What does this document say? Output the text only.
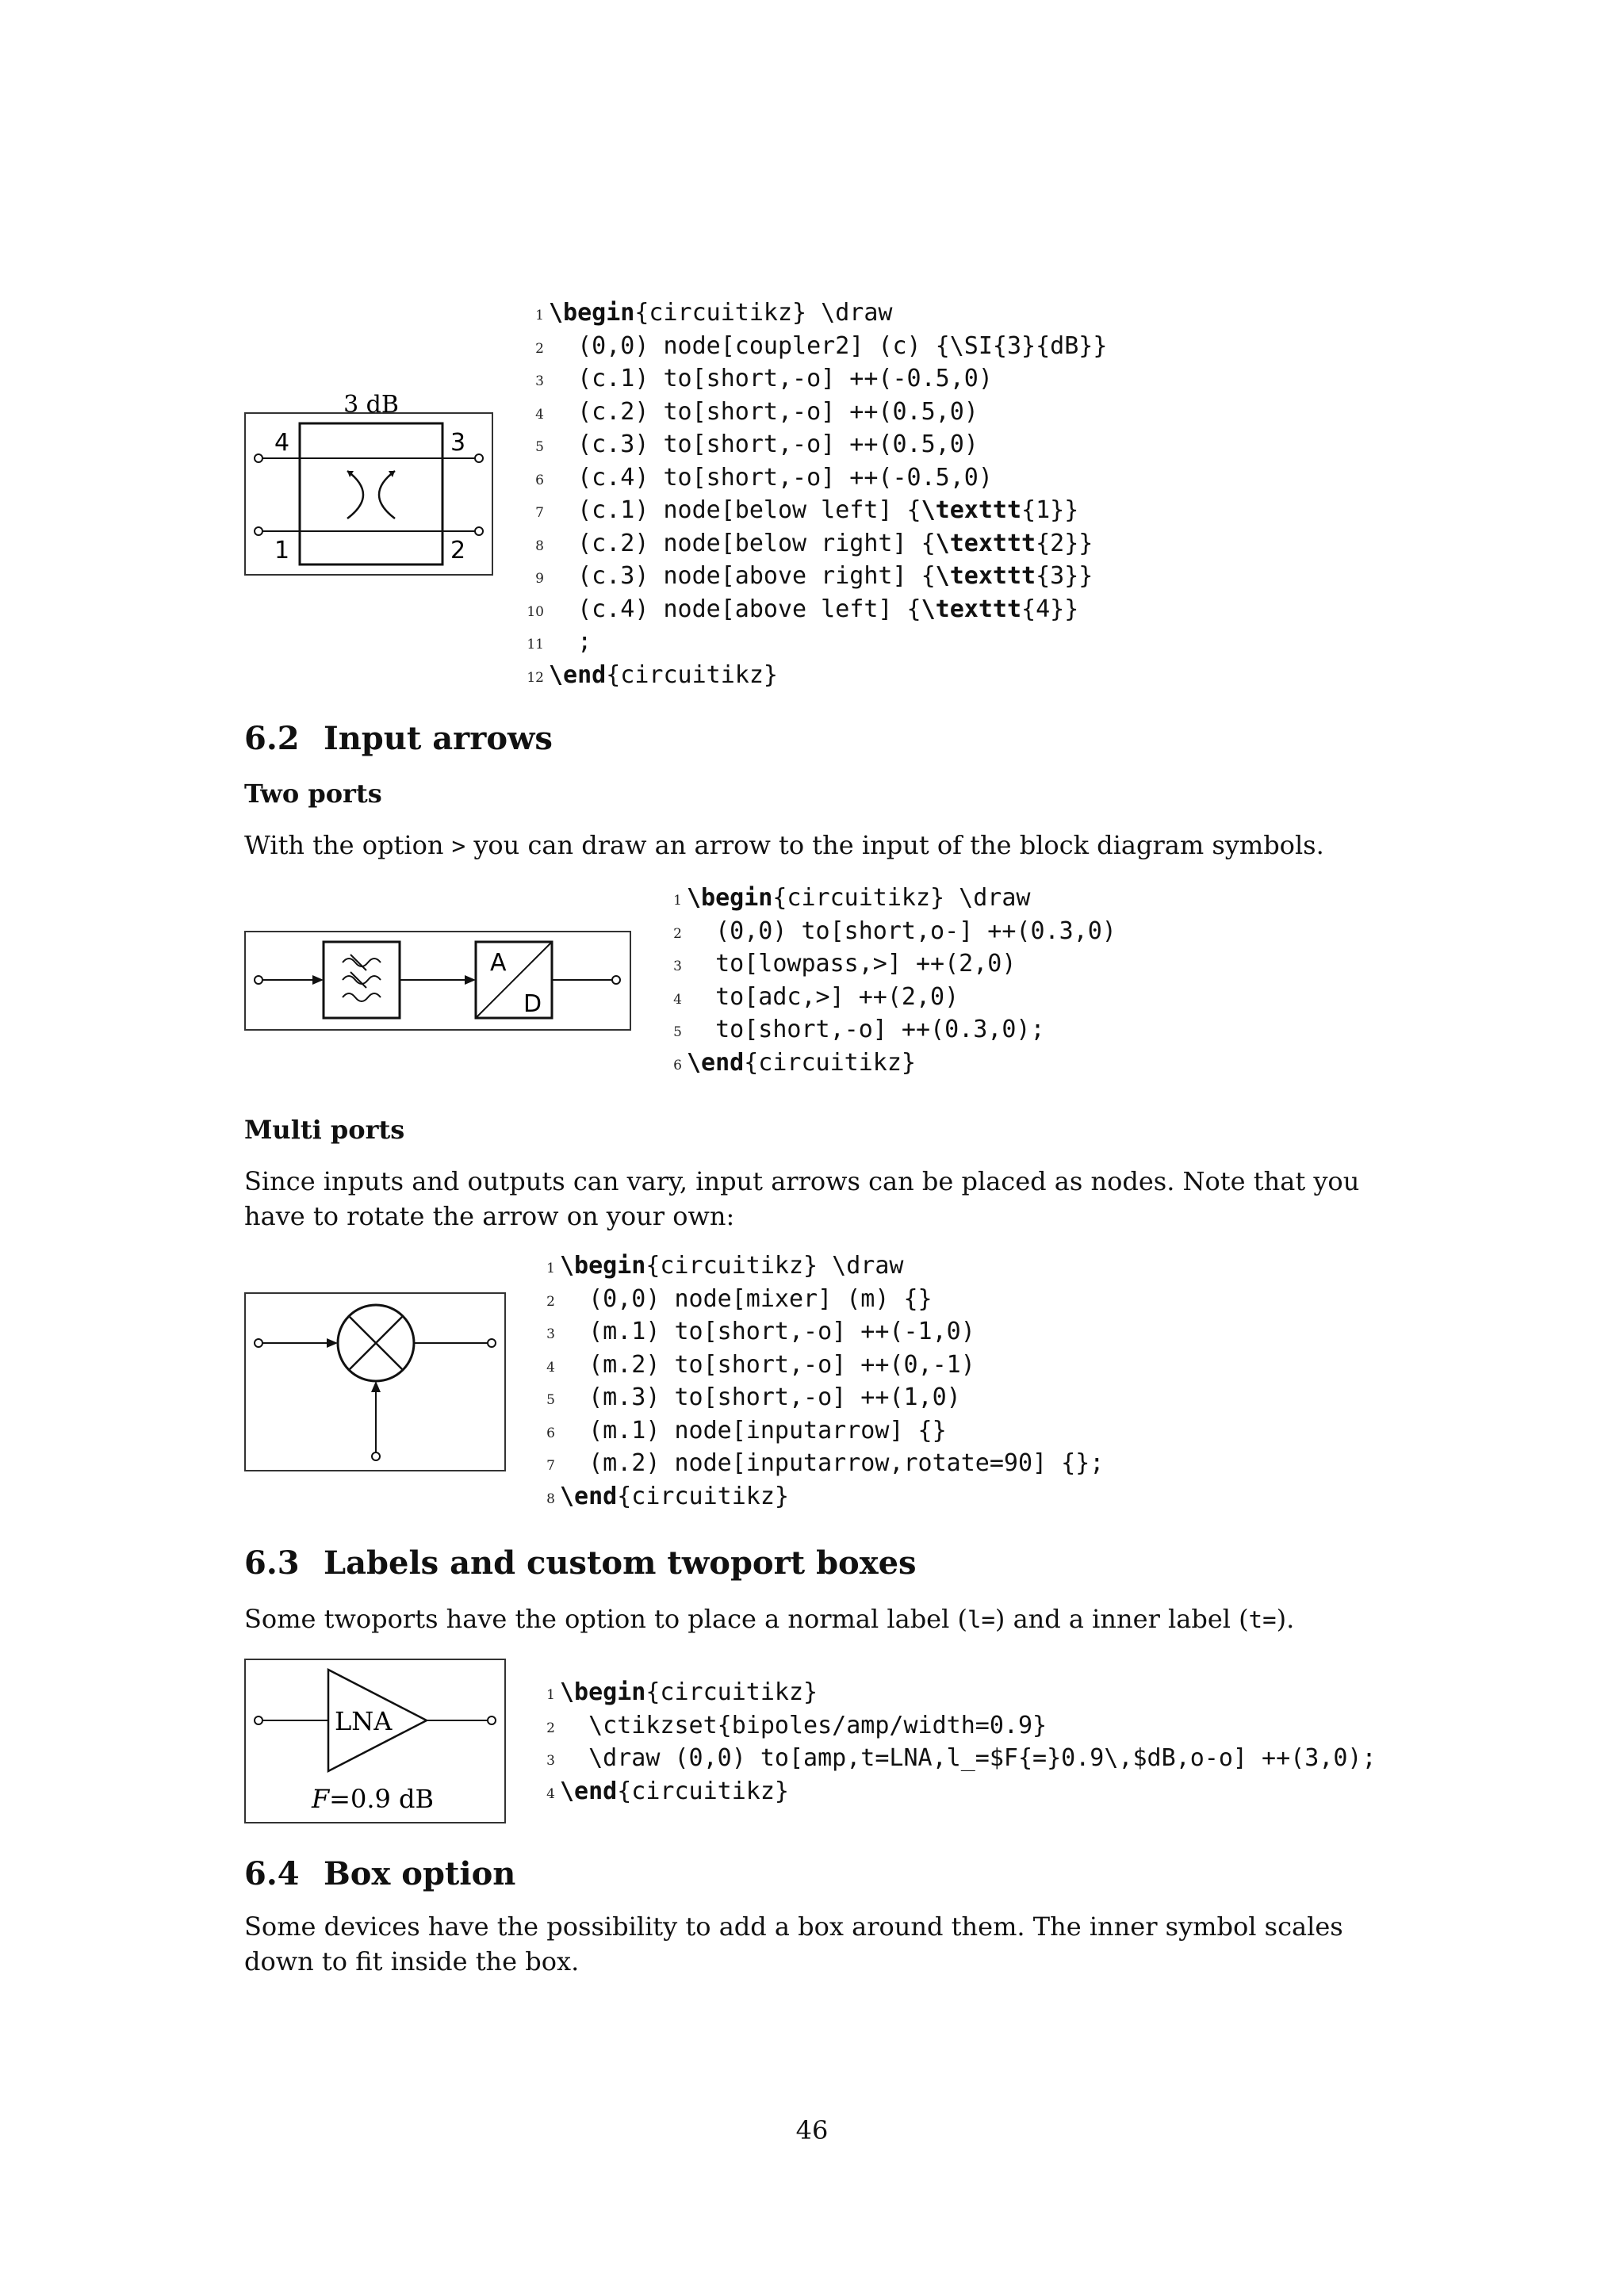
3 dB
4	3
1	2
1 \begin{circuitikz} \draw
2  (0,0) node[coupler2] (c) {\SI{3}{dB}}
3  (c.1) to[short,-o] ++(-0.5,0)
4  (c.2) to[short,-o] ++(0.5,0)
5  (c.3) to[short,-o] ++(0.5,0)
6  (c.4) to[short,-o] ++(-0.5,0)
7  (c.1) node[below left] {\texttt{1}}
8  (c.2) node[below right] {\texttt{2}}
9  (c.3) node[above right] {\texttt{3}}
10  (c.4) node[above left] {\texttt{4}}
11  ;
12 \end{circuitikz}
6.2 Input arrows
Two ports

With the option > you can draw an arrow to the input of the block diagram symbols.

A
D
1 \begin{circuitikz} \draw
2  (0,0) to[short,o-] ++(0.3,0)
3  to[lowpass,>] ++(2,0)
4  to[adc,>] ++(2,0)
5  to[short,-o] ++(0.3,0);
6 \end{circuitikz}
Multi ports

Since inputs and outputs can vary, input arrows can be placed as nodes. Note that you have to rotate the arrow on your own:

1 \begin{circuitikz} \draw
2  (0,0) node[mixer] (m) {}
3  (m.1) to[short,-o] ++(-1,0)
4  (m.2) to[short,-o] ++(0,-1)
5  (m.3) to[short,-o] ++(1,0)
6  (m.1) node[inputarrow] {}
7  (m.2) node[inputarrow,rotate=90] {};
8 \end{circuitikz}
6.3 Labels and custom twoport boxes

Some twoports have the option to place a normal label (l=) and a inner label (t=).

LNA
F=0.9 dB
1 \begin{circuitikz}
2  \ctikzset{bipoles/amp/width=0.9}
3  \draw (0,0) to[amp,t=LNA,l_=$F{=}0.9\,$dB,o-o] ++(3,0);
4 \end{circuitikz}
6.4 Box option

Some devices have the possibility to add a box around them. The inner symbol scales down to fit inside the box.

46
